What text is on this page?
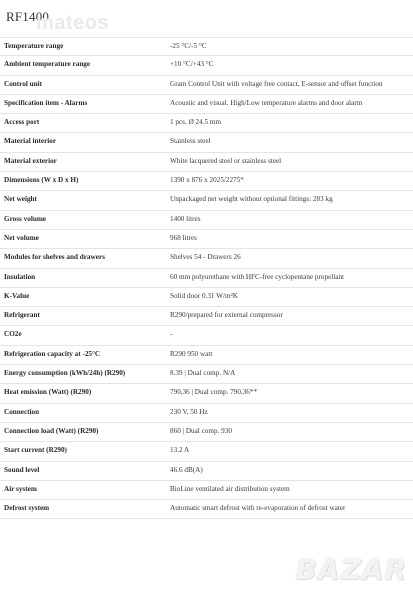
RF1400
mateos
Temperature range	-25 °C/-5 °C
Ambient temperature range	+10 °C/+43 °C
Control unit	Gram Control Unit with voltage free contact, E-sensor and offset function
Specification item - Alarms	Acoustic and visual. High/Low temperature alarms and door alarm
Access port	1 pcs. Ø 24.5 mm
Material interior	Stainless steel
Material exterior	White lacquered steel or stainless steel
Dimensions (W x D x H)	1390 x 876 x 2025/2275*
Net weight	Unpackaged net weight without optional fittings: 283 kg
Gross volume	1400 litres
Net volume	968 litres
Modules for shelves and drawers	Shelves 54 - Drawers 26
Insulation	60 mm polyurethane with HFC-free cyclopentane propellant
K-Value	Solid door 0.31 W/m²K
Refrigerant	R290/prepared for external compressor
CO2e	-
Refrigeration capacity at -25°C	R290 950 watt
Energy consumption (kWh/24h) (R290)	8.39 | Dual comp. N/A
Heat emission (Watt) (R290)	790,36 | Dual comp. 790,36**
Connection	230 V, 50 Hz
Connection load (Watt) (R290)	860 | Dual comp. 930
Start current (R290)	13.2 A
Sound level	46.6 dB(A)
Air system	BioLine ventilated air distribution system
Defrost system	Automatic smart defrost with re-evaporation of defrost water
BAZAR
